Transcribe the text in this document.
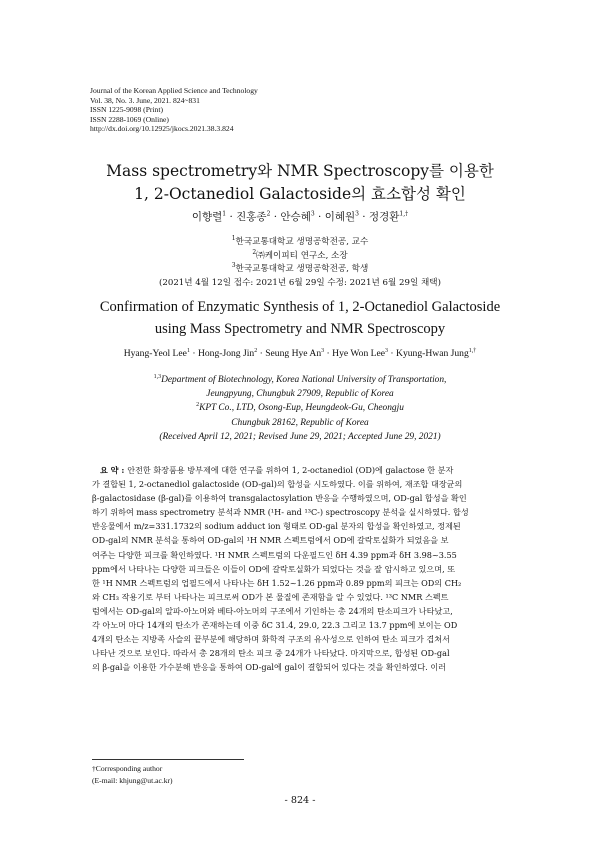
Journal of the Korean Applied Science and Technology
Vol. 38, No. 3. June, 2021. 824~831
ISSN 1225-9098 (Print)
ISSN 2288-1069 (Online)
http://dx.doi.org/10.12925/jkocs.2021.38.3.824
Mass spectrometry와 NMR Spectroscopy를 이용한
1, 2-Octanediol Galactoside의 효소합성 확인
이향렬$^1$ · 진홍종$^2$ · 안승혜$^3$ · 이혜원$^3$ · 정경환$^{1,\dagger}$
$^1$한국교통대학교 생명공학전공, 교수
$^2$㈜케이피티 연구소, 소장
$^3$한국교통대학교 생명공학전공, 학생
(2021년 4월 12일 접수: 2021년 6월 29일 수정: 2021년 6월 29일 채택)
Confirmation of Enzymatic Synthesis of 1, 2-Octanediol Galactoside
using Mass Spectrometry and NMR Spectroscopy
Hyang-Yeol Lee$^1$ · Hong-Jong Jin$^2$ · Seung Hye $An^3$ · Hye Won Lee$^3$ · Kyung-Hwan Jung$^{1,\dagger}$
$^{1,3}$Department of Biotechnology, Korea National University of Transportation,
Jeungpyung, Chungbuk 27909, Republic of Korea
$^2$KPT Co., LTD, Osong-Eup, Heungdeok-Gu, Cheongju
Chungbuk 28162, Republic of Korea
(Received April 12, 2021; Revised June 29, 2021; Accepted June 29, 2021)
요 약 : 안전한 화장품용 방부제에 대한 연구를 위하여 1, 2-octanediol (OD)에 galactose 한 분자
가 결합된 1, 2-octanediol galactoside (OD-gal)의 합성을 시도하였다. 이를 위하여, 재조합 대장균의
β-galactosidase (β-gal)를 이용하여 transgalactosylation 반응을 수행하였으며, OD-gal 합성을 확인
하기 위하여 mass spectrometry 분석과 NMR (¹H- and ¹³C-) spectroscopy 분석을 실시하였다. 합성
반응물에서 m/z=331.1732의 sodium adduct ion 형태로 OD-gal 분자의 합성을 확인하였고, 정제된
OD-gal의 NMR 분석을 통하여 OD-gal의 ¹H NMR 스펙트럼에서 OD에 갈락토실화가 되었음을 보
여주는 다양한 피크를 확인하였다. ¹H NMR 스펙트럼의 다운필드인 δH 4.39 ppm과 δH 3.98~3.55
ppm에서 나타나는 다양한 피크들은 이들이 OD에 갈락토실화가 되었다는 것을 잘 암시하고 있으며, 또
한 ¹H NMR 스펙트럼의 업필드에서 나타나는 δH 1.52~1.26 ppm과 0.89 ppm의 피크는 OD의 CH₂
와 CH₃ 작용기로 부터 나타나는 피크로써 OD가 본 물질에 존재함을 알 수 있었다. ¹³C NMR 스펙트
럼에서는 OD-gal의 알파-아노머와 베타-아노머의 구조에서 기인하는 총 24개의 탄소피크가 나타났고,
각 아노머 마다 14개의 탄소가 존재하는데 이중 δC 31.4, 29.0, 22.3 그리고 13.7 ppm에 보이는 OD
4개의 탄소는 지방족 사슬의 끝부분에 해당하며 화학적 구조의 유사성으로 인하여 탄소 피크가 겹쳐서
나타난 것으로 보인다. 따라서 총 28개의 탄소 피크 중 24개가 나타났다. 마지막으로, 합성된 OD-gal
의 β-gal을 이용한 가수분해 반응을 통하여 OD-gal에 gal이 결합되어 있다는 것을 확인하였다. 이러
†Corresponding author
(E-mail: khjung@ut.ac.kr)
- 824 -
